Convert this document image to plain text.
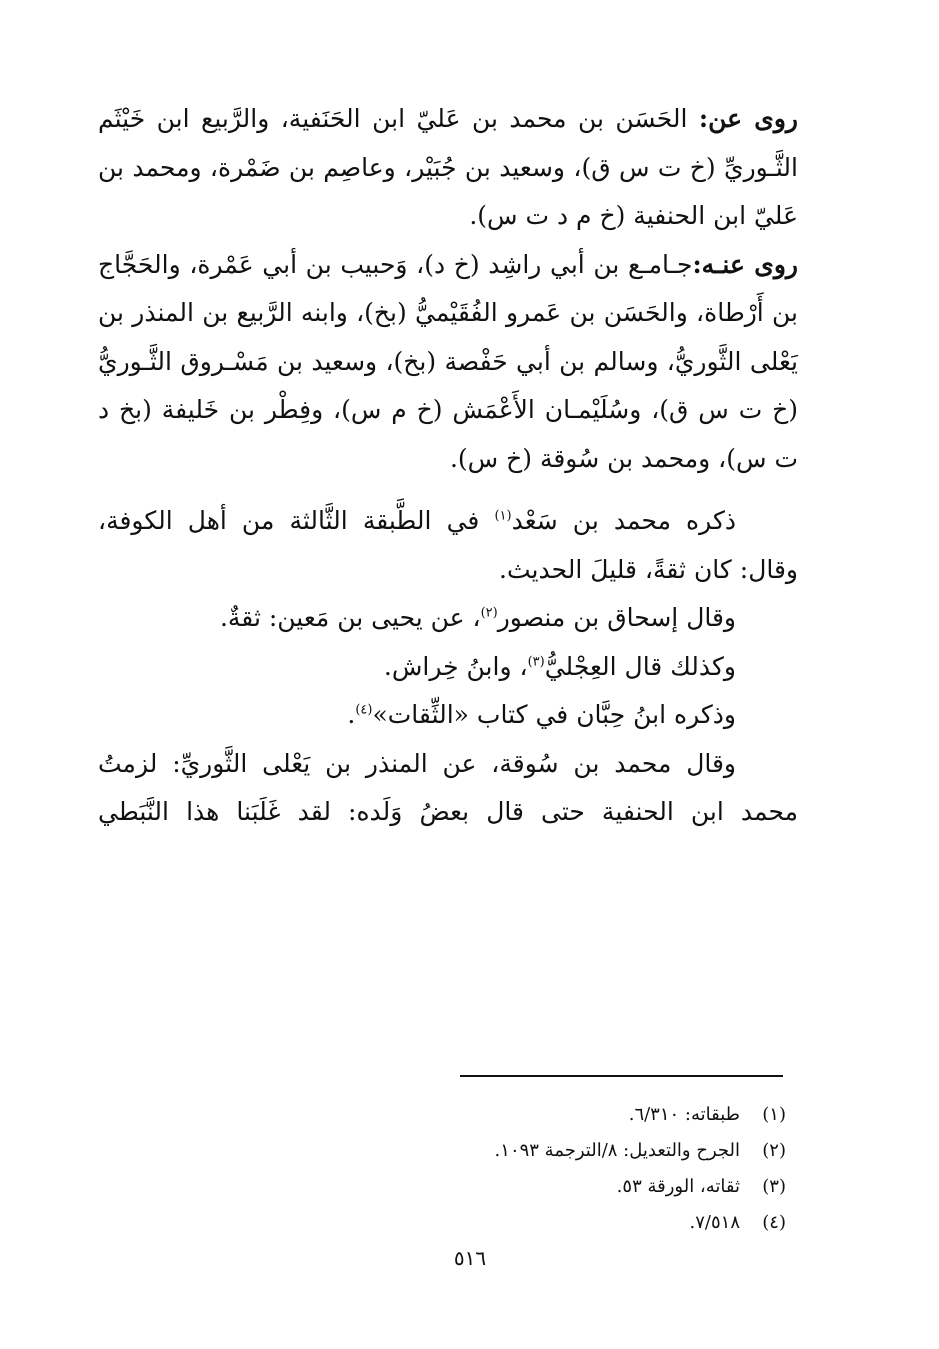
روى عن: الحَسَن بن محمد بن عَليّ ابن الحَنَفية، والرَّبيع ابن خَيْثَم الثَّـوريِّ (خ ت س ق)، وسعيد بن جُبَيْر، وعاصِم بن ضَمْرة، ومحمد بن عَليّ ابن الحنفية (خ م د ت س).

روى عنـه:جـامـع بن أبي راشِد (خ د)، وَحبيب بن أبي عَمْرة، والحَجَّاج بن أَرْطاة، والحَسَن بن عَمرو الفُقَيْميُّ (بخ)، وابنه الرَّبيع بن المنذر بن يَعْلى الثَّوريُّ، وسالم بن أبي حَفْصة (بخ)، وسعيد بن مَسْـروق الثَّـوريُّ (خ ت س ق)، وسُلَيْمـان الأَعْمَش (خ م س)، وفِطْر بن خَليفة (بخ د ت س)، ومحمد بن سُوقة (خ س).

ذكره محمد بن سَعْد$^{(١)}$ في الطَّبقة الثَّالثة من أهل الكوفة، وقال: كان ثقةً، قليلَ الحديث.

وقال إسحاق بن منصور$^{(٢)}$، عن يحيى بن مَعين: ثقةٌ.

وكذلك قال العِجْليُّ$^{(٣)}$، وابنُ خِراش.

وذكره ابنُ حِبَّان في كتاب «الثِّقات»$^{(٤)}$.

وقال محمد بن سُوقة، عن المنذر بن يَعْلى الثَّوريِّ: لزمتُ محمد ابن الحنفية حتى قال بعضُ وَلَده: لقد غَلَبَنا هذا النَّبَطي

(١)طبقاته: ٦/٣١٠.

(٢)الجرح والتعديل: ٨/الترجمة ١٠٩٣.

(٣)ثقاته، الورقة ٥٣.

(٤)٧/٥١٨.

٥١٦
